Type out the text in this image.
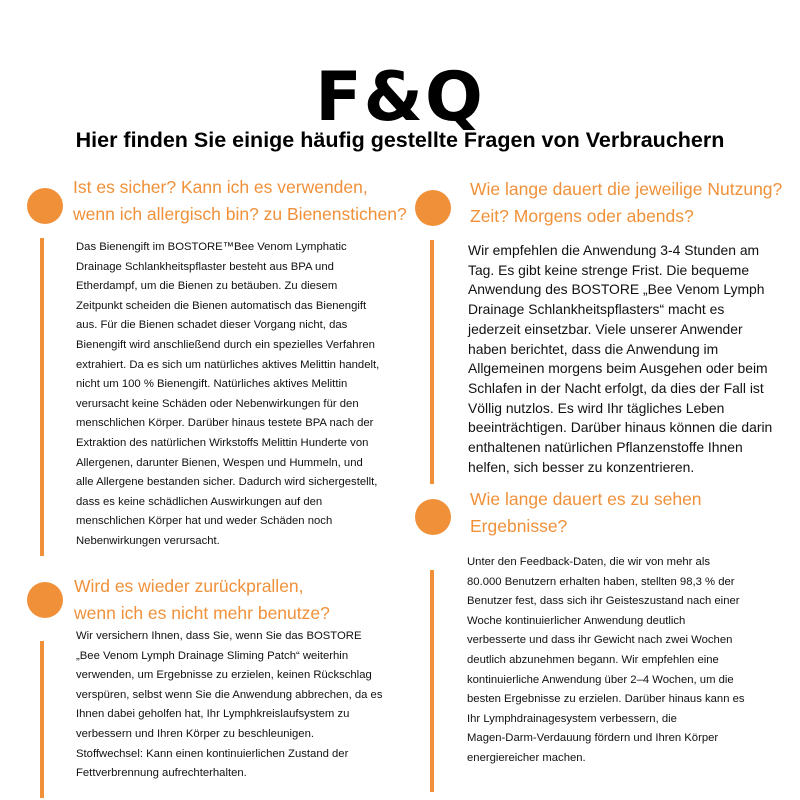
F&Q
Hier finden Sie einige häufig gestellte Fragen von Verbrauchern
Ist es sicher? Kann ich es verwenden,
wenn ich allergisch bin? zu Bienenstichen?

Das Bienengift im BOSTORE™Bee Venom Lymphatic
Drainage Schlankheitspflaster besteht aus BPA und
Etherdampf, um die Bienen zu betäuben. Zu diesem
Zeitpunkt scheiden die Bienen automatisch das Bienengift
aus. Für die Bienen schadet dieser Vorgang nicht, das
Bienengift wird anschließend durch ein spezielles Verfahren
extrahiert. Da es sich um natürliches aktives Melittin handelt,
nicht um 100 % Bienengift. Natürliches aktives Melittin
verursacht keine Schäden oder Nebenwirkungen für den
menschlichen Körper. Darüber hinaus testete BPA nach der
Extraktion des natürlichen Wirkstoffs Melittin Hunderte von
Allergenen, darunter Bienen, Wespen und Hummeln, und
alle Allergene bestanden sicher. Dadurch wird sichergestellt,
dass es keine schädlichen Auswirkungen auf den
menschlichen Körper hat und weder Schäden noch
Nebenwirkungen verursacht.

Wird es wieder zurückprallen,
wenn ich es nicht mehr benutze?

Wir versichern Ihnen, dass Sie, wenn Sie das BOSTORE
„Bee Venom Lymph Drainage Sliming Patch“ weiterhin
verwenden, um Ergebnisse zu erzielen, keinen Rückschlag
verspüren, selbst wenn Sie die Anwendung abbrechen, da es
Ihnen dabei geholfen hat, Ihr Lymphkreislaufsystem zu
verbessern und Ihren Körper zu beschleunigen.
Stoffwechsel: Kann einen kontinuierlichen Zustand der
Fettverbrennung aufrechterhalten.

Wie lange dauert die jeweilige Nutzung?
Zeit? Morgens oder abends?

Wir empfehlen die Anwendung 3-4 Stunden am
Tag. Es gibt keine strenge Frist. Die bequeme
Anwendung des BOSTORE „Bee Venom Lymph
Drainage Schlankheitspflasters“ macht es
jederzeit einsetzbar. Viele unserer Anwender
haben berichtet, dass die Anwendung im
Allgemeinen morgens beim Ausgehen oder beim
Schlafen in der Nacht erfolgt, da dies der Fall ist
Völlig nutzlos. Es wird Ihr tägliches Leben
beeinträchtigen. Darüber hinaus können die darin
enthaltenen natürlichen Pflanzenstoffe Ihnen
helfen, sich besser zu konzentrieren.

Wie lange dauert es zu sehen
Ergebnisse?

Unter den Feedback-Daten, die wir von mehr als
80.000 Benutzern erhalten haben, stellten 98,3 % der
Benutzer fest, dass sich ihr Geisteszustand nach einer
Woche kontinuierlicher Anwendung deutlich
verbesserte und dass ihr Gewicht nach zwei Wochen
deutlich abzunehmen begann. Wir empfehlen eine
kontinuierliche Anwendung über 2–4 Wochen, um die
besten Ergebnisse zu erzielen. Darüber hinaus kann es
Ihr Lymphdrainagesystem verbessern, die
Magen-Darm-Verdauung fördern und Ihren Körper
energiereicher machen.
